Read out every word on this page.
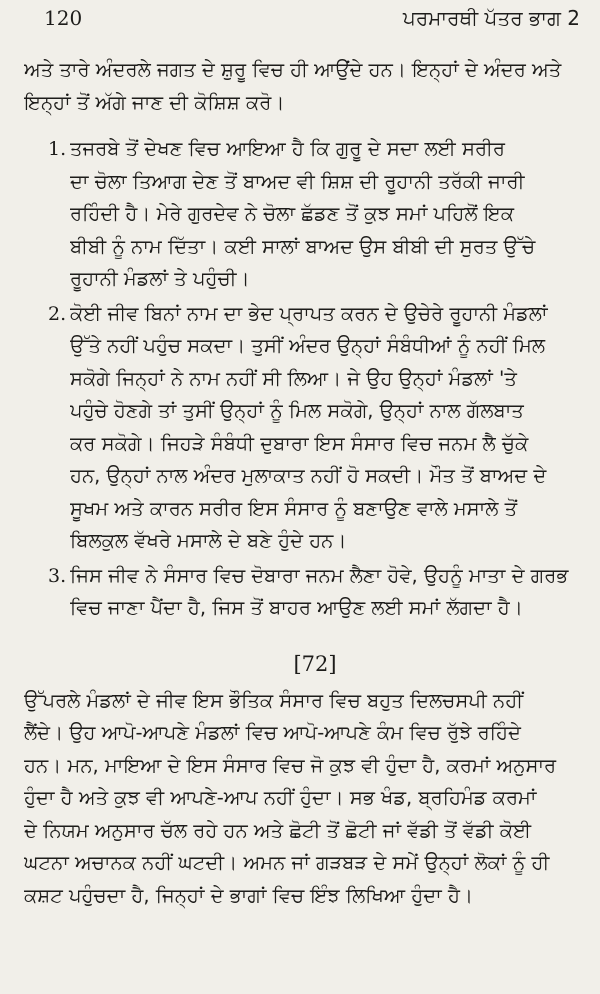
120	ਪਰਮਾਰਥੀ ਪੱਤਰ ਭਾਗ 2
ਅਤੇ ਤਾਰੇ ਅੰਦਰਲੇ ਜਗਤ ਦੇ ਸ਼ੁਰੂ ਵਿਚ ਹੀ ਆਉਂਦੇ ਹਨ। ਇਨ੍ਹਾਂ ਦੇ ਅੰਦਰ ਅਤੇ
ਇਨ੍ਹਾਂ ਤੋਂ ਅੱਗੇ ਜਾਣ ਦੀ ਕੋਸ਼ਿਸ਼ ਕਰੋ।
1. ਤਜਰਬੇ ਤੋਂ ਦੇਖਣ ਵਿਚ ਆਇਆ ਹੈ ਕਿ ਗੁਰੂ ਦੇ ਸਦਾ ਲਈ ਸਰੀਰ
ਦਾ ਚੋਲਾ ਤਿਆਗ ਦੇਣ ਤੋਂ ਬਾਅਦ ਵੀ ਸ਼ਿਸ਼ ਦੀ ਰੂਹਾਨੀ ਤਰੱਕੀ ਜਾਰੀ
ਰਹਿੰਦੀ ਹੈ। ਮੇਰੇ ਗੁਰਦੇਵ ਨੇ ਚੋਲਾ ਛੱਡਣ ਤੋਂ ਕੁਝ ਸਮਾਂ ਪਹਿਲੋਂ ਇਕ
ਬੀਬੀ ਨੂੰ ਨਾਮ ਦਿੱਤਾ। ਕਈ ਸਾਲਾਂ ਬਾਅਦ ਉਸ ਬੀਬੀ ਦੀ ਸੁਰਤ ਉੱਚੇ
ਰੂਹਾਨੀ ਮੰਡਲਾਂ ਤੇ ਪਹੁੰਚੀ।
2. ਕੋਈ ਜੀਵ ਬਿਨਾਂ ਨਾਮ ਦਾ ਭੇਦ ਪ੍ਰਾਪਤ ਕਰਨ ਦੇ ਉਚੇਰੇ ਰੂਹਾਨੀ ਮੰਡਲਾਂ
ਉੱਤੇ ਨਹੀਂ ਪਹੁੰਚ ਸਕਦਾ। ਤੁਸੀਂ ਅੰਦਰ ਉਨ੍ਹਾਂ ਸੰਬੰਧੀਆਂ ਨੂੰ ਨਹੀਂ ਮਿਲ
ਸਕੋਗੇ ਜਿਨ੍ਹਾਂ ਨੇ ਨਾਮ ਨਹੀਂ ਸੀ ਲਿਆ। ਜੇ ਉਹ ਉਨ੍ਹਾਂ ਮੰਡਲਾਂ 'ਤੇ
ਪਹੁੰਚੇ ਹੋਣਗੇ ਤਾਂ ਤੁਸੀਂ ਉਨ੍ਹਾਂ ਨੂੰ ਮਿਲ ਸਕੋਗੇ, ਉਨ੍ਹਾਂ ਨਾਲ ਗੱਲਬਾਤ
ਕਰ ਸਕੋਗੇ। ਜਿਹੜੇ ਸੰਬੰਧੀ ਦੁਬਾਰਾ ਇਸ ਸੰਸਾਰ ਵਿਚ ਜਨਮ ਲੈ ਚੁੱਕੇ
ਹਨ, ਉਨ੍ਹਾਂ ਨਾਲ ਅੰਦਰ ਮੁਲਾਕਾਤ ਨਹੀਂ ਹੋ ਸਕਦੀ। ਮੌਤ ਤੋਂ ਬਾਅਦ ਦੇ
ਸੂਖਮ ਅਤੇ ਕਾਰਨ ਸਰੀਰ ਇਸ ਸੰਸਾਰ ਨੂੰ ਬਣਾਉਣ ਵਾਲੇ ਮਸਾਲੇ ਤੋਂ
ਬਿਲਕੁਲ ਵੱਖਰੇ ਮਸਾਲੇ ਦੇ ਬਣੇ ਹੁੰਦੇ ਹਨ।
3. ਜਿਸ ਜੀਵ ਨੇ ਸੰਸਾਰ ਵਿਚ ਦੋਬਾਰਾ ਜਨਮ ਲੈਣਾ ਹੋਵੇ, ਉਹਨੂੰ ਮਾਤਾ ਦੇ ਗਰਭ
ਵਿਚ ਜਾਣਾ ਪੈਂਦਾ ਹੈ, ਜਿਸ ਤੋਂ ਬਾਹਰ ਆਉਣ ਲਈ ਸਮਾਂ ਲੱਗਦਾ ਹੈ।
[72]
ਉੱਪਰਲੇ ਮੰਡਲਾਂ ਦੇ ਜੀਵ ਇਸ ਭੌਤਿਕ ਸੰਸਾਰ ਵਿਚ ਬਹੁਤ ਦਿਲਚਸਪੀ ਨਹੀਂ
ਲੈਂਦੇ। ਉਹ ਆਪੋ-ਆਪਣੇ ਮੰਡਲਾਂ ਵਿਚ ਆਪੋ-ਆਪਣੇ ਕੰਮ ਵਿਚ ਰੁੱਝੇ ਰਹਿੰਦੇ
ਹਨ। ਮਨ, ਮਾਇਆ ਦੇ ਇਸ ਸੰਸਾਰ ਵਿਚ ਜੋ ਕੁਝ ਵੀ ਹੁੰਦਾ ਹੈ, ਕਰਮਾਂ ਅਨੁਸਾਰ
ਹੁੰਦਾ ਹੈ ਅਤੇ ਕੁਝ ਵੀ ਆਪਣੇ-ਆਪ ਨਹੀਂ ਹੁੰਦਾ। ਸਭ ਖੰਡ, ਬ੍ਰਹਿਮੰਡ ਕਰਮਾਂ
ਦੇ ਨਿਯਮ ਅਨੁਸਾਰ ਚੱਲ ਰਹੇ ਹਨ ਅਤੇ ਛੋਟੀ ਤੋਂ ਛੋਟੀ ਜਾਂ ਵੱਡੀ ਤੋਂ ਵੱਡੀ ਕੋਈ
ਘਟਨਾ ਅਚਾਨਕ ਨਹੀਂ ਘਟਦੀ। ਅਮਨ ਜਾਂ ਗੜਬੜ ਦੇ ਸਮੇਂ ਉਨ੍ਹਾਂ ਲੋਕਾਂ ਨੂੰ ਹੀ
ਕਸ਼ਟ ਪਹੁੰਚਦਾ ਹੈ, ਜਿਨ੍ਹਾਂ ਦੇ ਭਾਗਾਂ ਵਿਚ ਇੰਝ ਲਿਖਿਆ ਹੁੰਦਾ ਹੈ।
